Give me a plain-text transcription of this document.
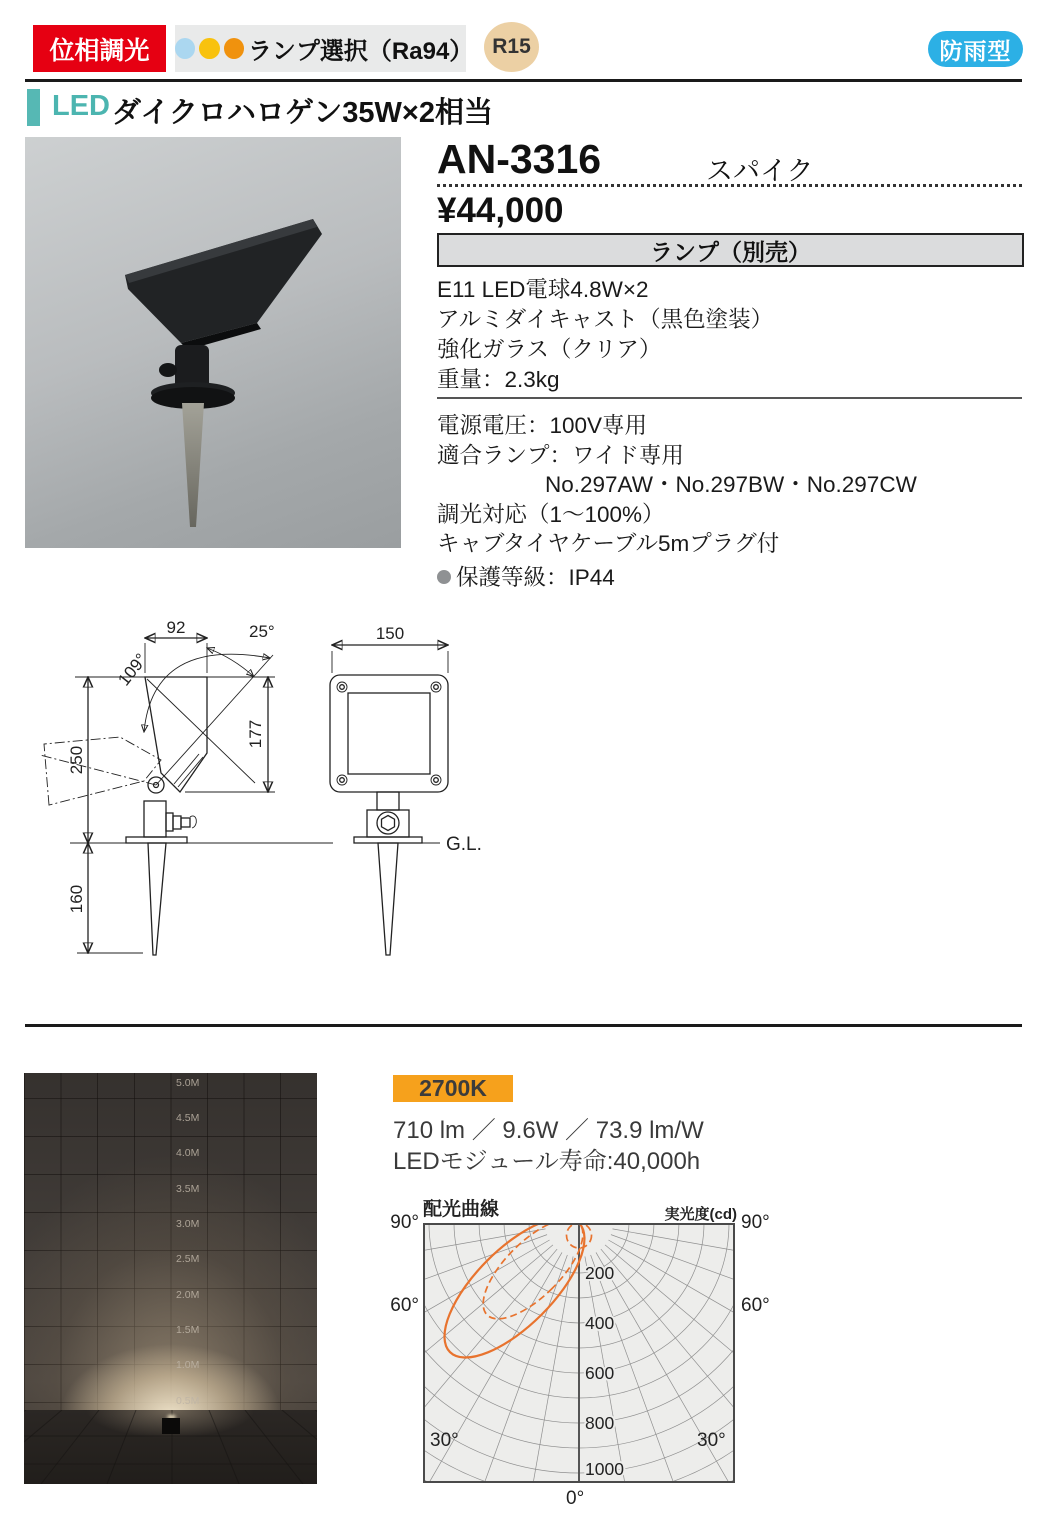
位相調光	ランプ選択（Ra94） R15	防雨型
LED ダイクロハロゲン35W×2相当
AN-3316	スパイク
¥44,000
ランプ（別売）
E11 LED電球4.8W×2
アルミダイキャスト（黒色塗装）
強化ガラス（クリア）
重量：2.3kg
電源電圧：100V専用
適合ランプ：ワイド専用
No.297AW・No.297BW・No.297CW
調光対応（1～100%）
キャブタイヤケーブル5mプラグ付
保護等級：IP44
G.L.
92	25°
109°
250
160
177
150
5.0M
4.5M
4.0M
3.5M
3.0M
2.5M
2.0M
1.5M
1.0M
0.5M
2700K
710 lm ／ 9.6W ／ 73.9 lm/W
LEDモジュール寿命:40,000h
配光曲線	実光度(cd)
200
400
600
800
1000
90°	90°
60°	60°
30°	30°
0°
